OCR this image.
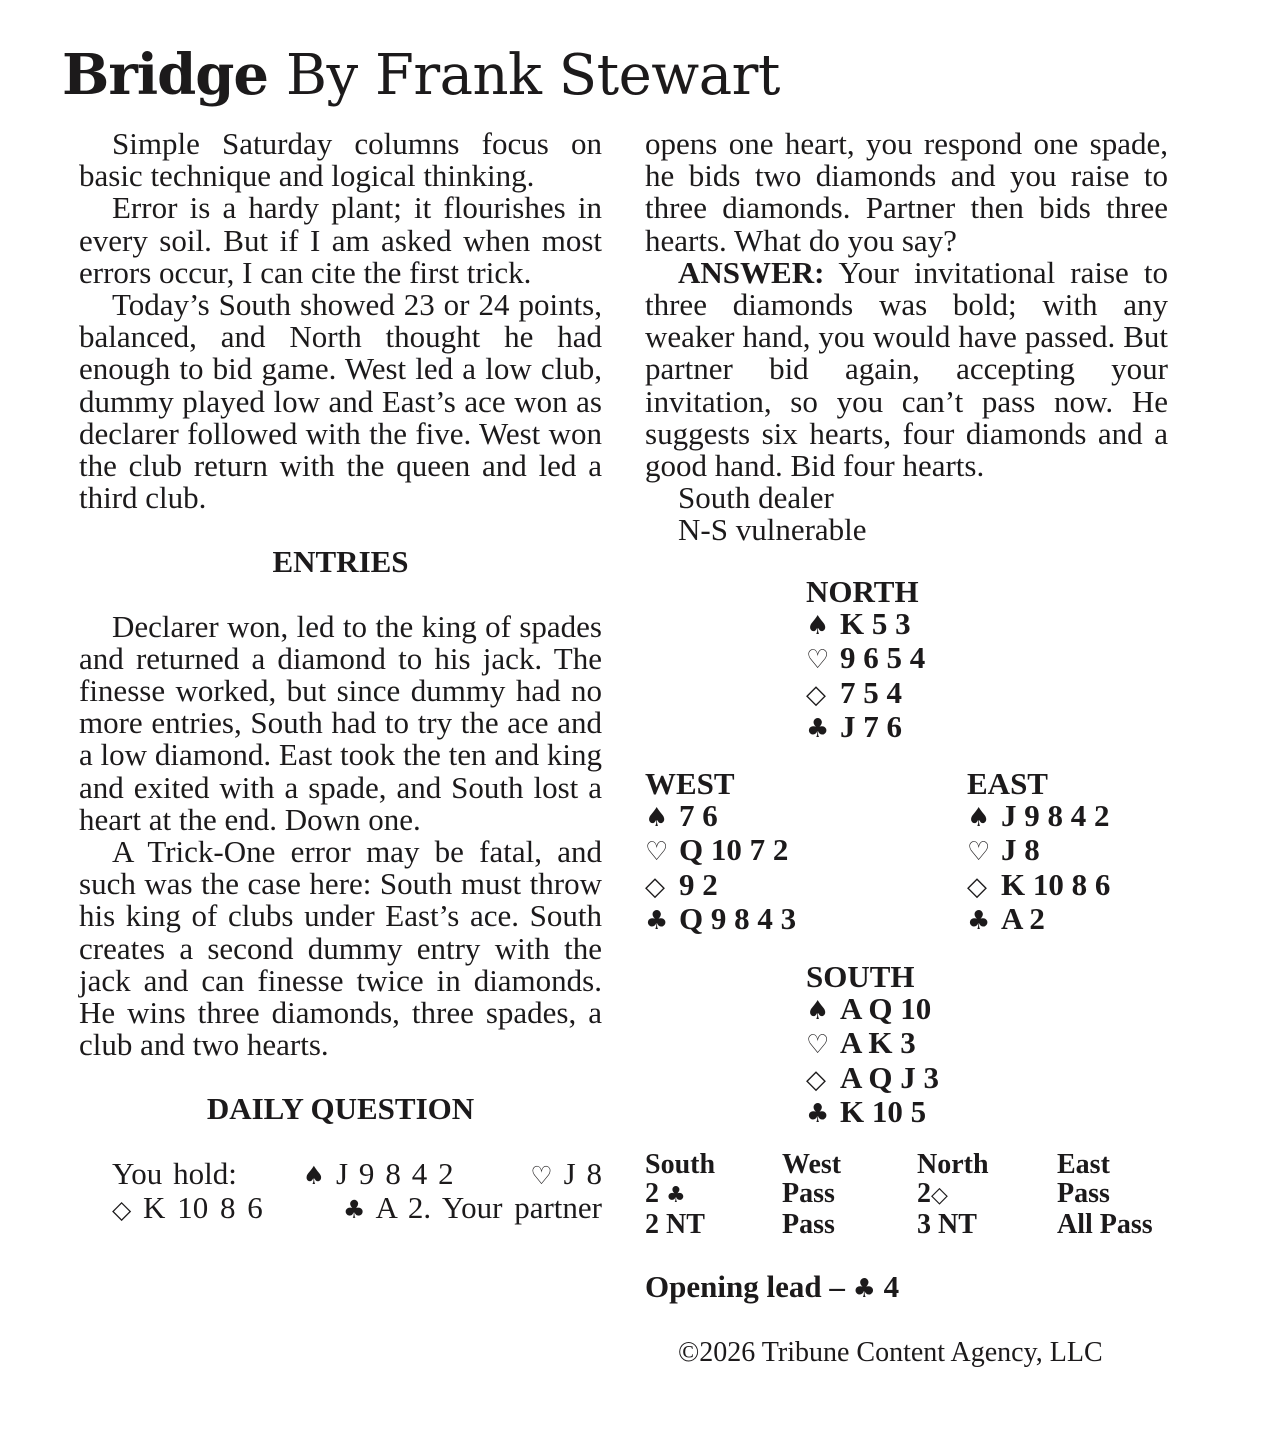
Bridge By Frank Stewart

Simple Saturday columns focus on basic technique and logical thinking.

Error is a hardy plant; it flourishes in every soil. But if I am asked when most errors occur, I can cite the first trick.

Today’s South showed 23 or 24 points, balanced, and North thought he had enough to bid game. West led a low club, dummy played low and East’s ace won as declarer followed with the five. West won the club return with the queen and led a third club.

ENTRIES

Declarer won, led to the king of spades and returned a diamond to his jack. The finesse worked, but since dummy had no more entries, South had to try the ace and a low diamond. East took the ten and king and exited with a spade, and South lost a heart at the end. Down one.

A Trick-One error may be fatal, and such was the case here: South must throw his king of clubs under East’s ace. South creates a second dummy entry with the jack and can finesse twice in diamonds. He wins three diamonds, three spades, a club and two hearts.

DAILY QUESTION

You hold:	♠ J 9 8 4 2	♡ J 8 ◇ K 10 8 6	♣ A 2. Your partner

opens one heart, you respond one spade, he bids two diamonds and you raise to three diamonds. Partner then bids three hearts. What do you say?

ANSWER: Your invitational raise to three diamonds was bold; with any weaker hand, you would have passed. But partner bid again, accepting your invitation, so you can’t pass now. He suggests six hearts, four diamonds and a good hand. Bid four hearts.

South dealer

N-S vulnerable

NORTH
♠ K 5 3
♡ 9 6 5 4
◇ 7 5 4
♣ J 7 6
WEST
♠ 7 6
♡ Q 10 7 2
◇ 9 2
♣ Q 9 8 4 3
EAST
♠ J 9 8 4 2
♡ J 8
◇ K 10 8 6
♣ A 2
SOUTH
♠ A Q 10
♡ A K 3
◇ A Q J 3
♣ K 10 5
South	West	North	East
2 ♣	Pass	2◇	Pass
2 NT	Pass	3 NT	All Pass
Opening lead – ♣ 4
©2026 Tribune Content Agency, LLC
